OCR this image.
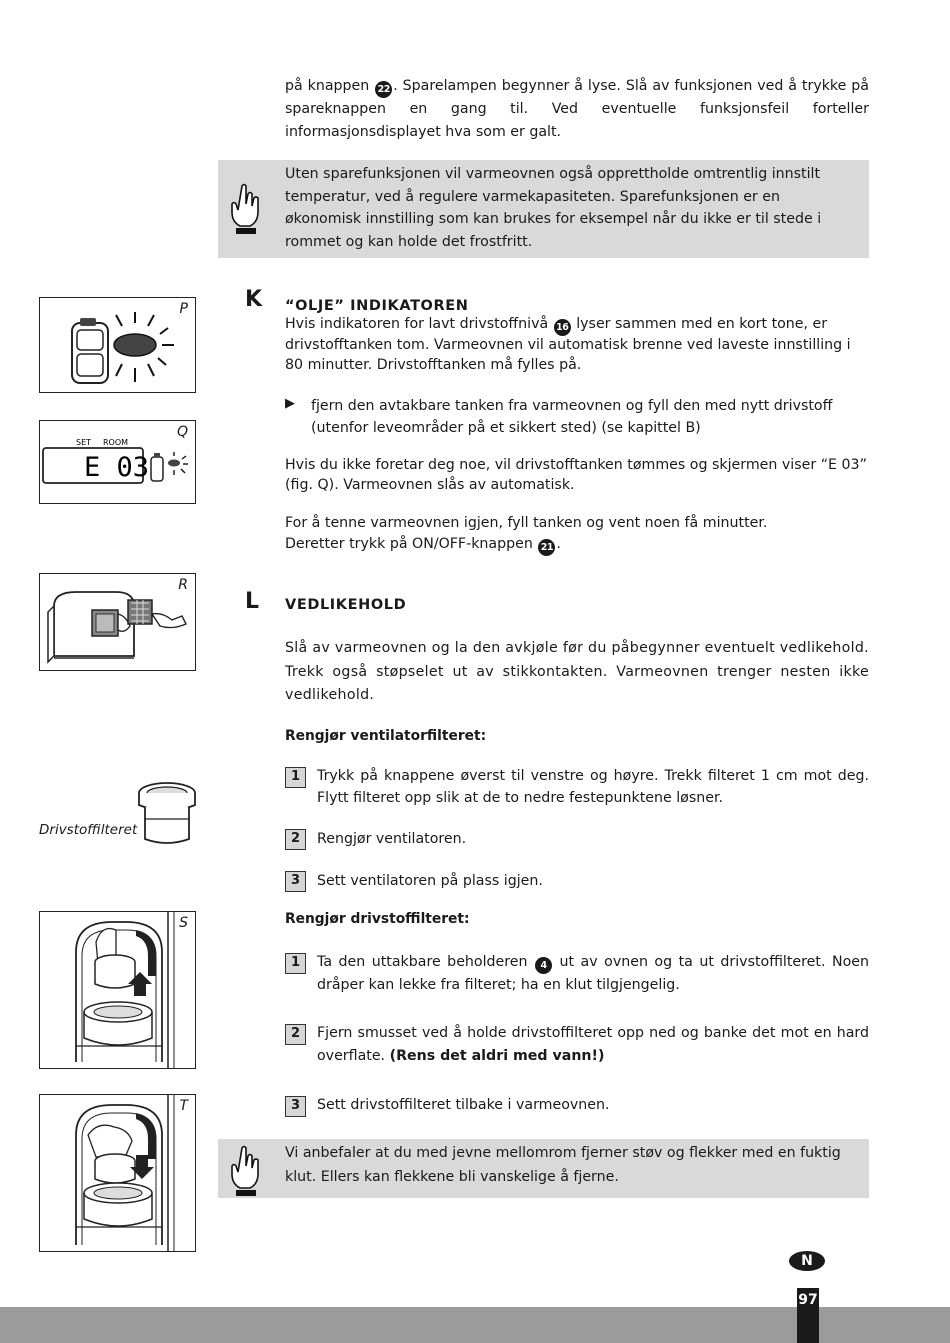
på knappen 22 . Sparelampen begynner å lyse. Slå av funksjonen ved å trykke på spareknappen en gang til. Ved eventuelle funksjonsfeil forteller informasjonsdisplayet hva som er galt.
Uten sparefunksjonen vil varmeovnen også opprettholde omtrentlig innstilt temperatur, ved å regulere varmekapasiteten. Sparefunksjonen er en økonomisk innstilling som kan brukes for eksempel når du ikke er til stede i rommet og kan holde det frostfritt.
P
Q
SET ROOM
E 03
K “OLJE” INDIKATOREN
Hvis indikatoren for lavt drivstoffnivå 16 lyser sammen med en kort tone, er drivstofftanken tom. Varmeovnen vil automatisk brenne ved laveste innstilling i 80 minutter. Drivstofftanken må fylles på.
▶ fjern den avtakbare tanken fra varmeovnen og fyll den med nytt drivstoff (utenfor leveområder på et sikkert sted) (se kapittel B)
Hvis du ikke foretar deg noe, vil drivstofftanken tømmes og skjermen viser “E 03” (fig. Q). Varmeovnen slås av automatisk.
For å tenne varmeovnen igjen, fyll tanken og vent noen få minutter.
Deretter trykk på ON/OFF-knappen 21 .
R
L VEDLIKEHOLD
Slå av varmeovnen og la den avkjøle før du påbegynner eventuelt vedlikehold. Trekk også støpselet ut av stikkontakten. Varmeovnen trenger nesten ikke vedlikehold.
Rengjør ventilatorfilteret:
1	Trykk på knappene øverst til venstre og høyre. Trekk filteret 1 cm mot deg. Flytt filteret opp slik at de to nedre festepunktene løsner.
2	Rengjør ventilatoren.
3	Sett ventilatoren på plass igjen.
Drivstoffilteret
Rengjør drivstoffilteret:
1	Ta den uttakbare beholderen 4 ut av ovnen og ta ut drivstoffilteret. Noen dråper kan lekke fra filteret; ha en klut tilgjengelig.
2	Fjern smusset ved å holde drivstoffilteret opp ned og banke det mot en hard overflate. (Rens det aldri med vann!)
3	Sett drivstoffilteret tilbake i varmeovnen.
S
T
Vi anbefaler at du med jevne mellomrom fjerner støv og flekker med en fuktig klut. Ellers kan flekkene bli vanskelige å fjerne.
N
97
